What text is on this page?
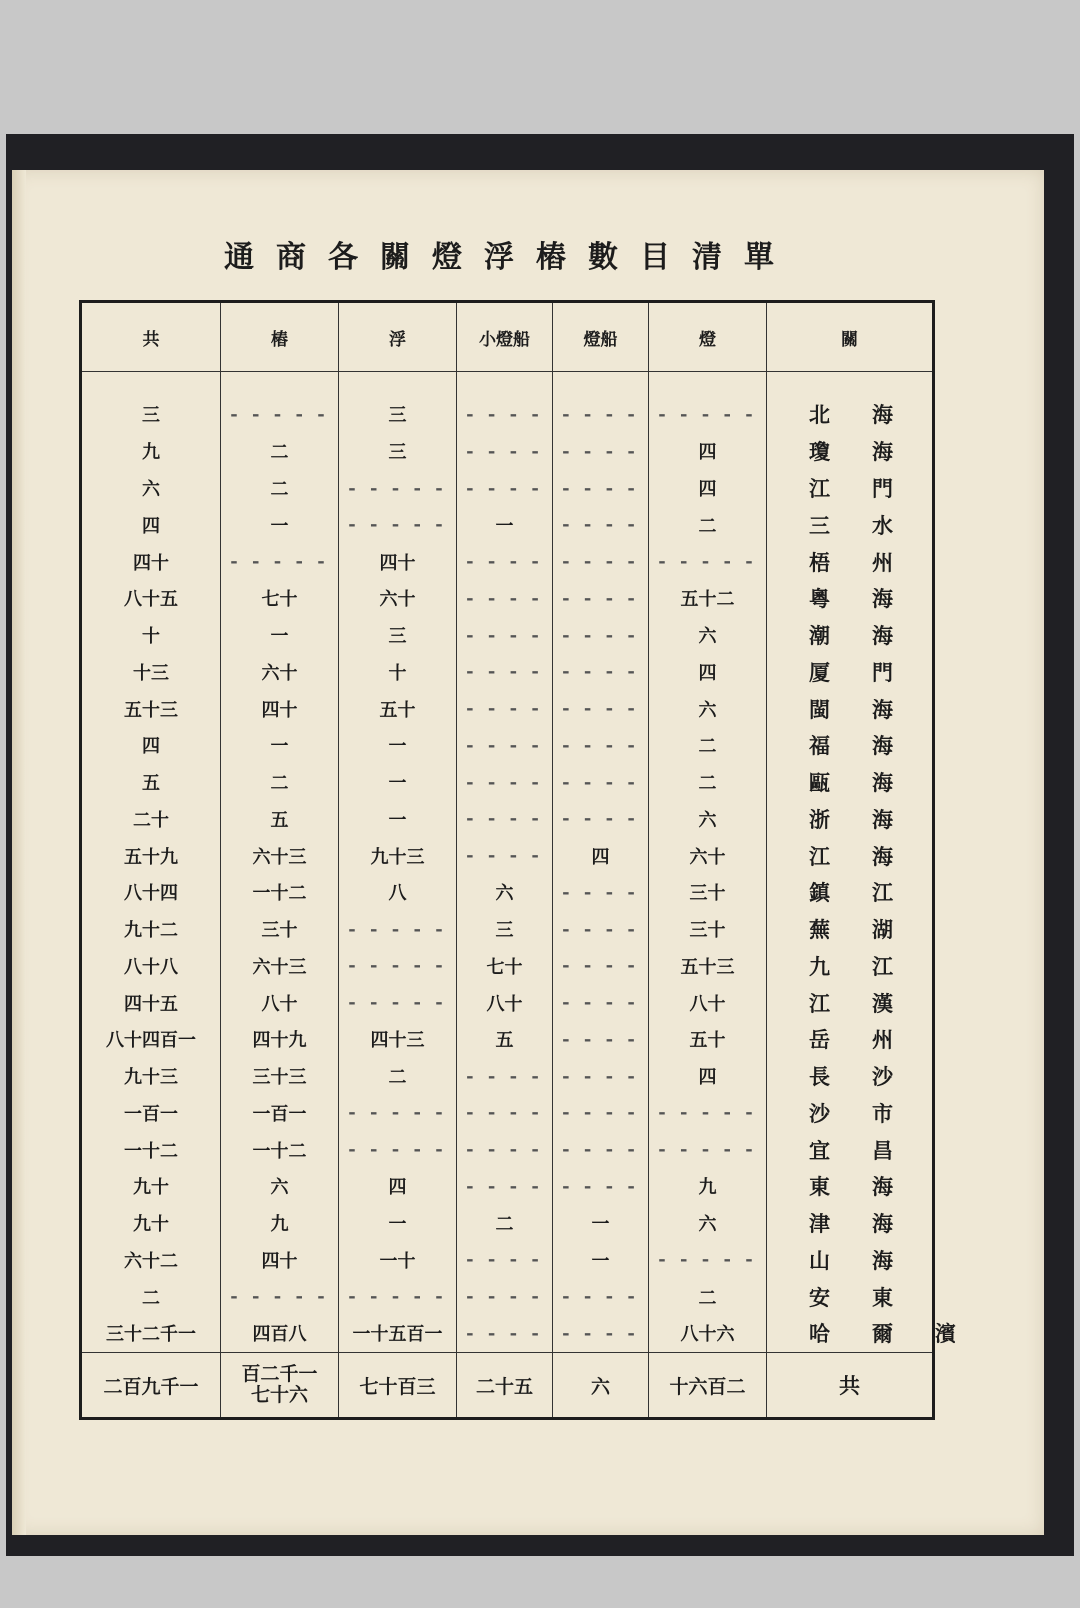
通商各關燈浮樁數目清單
共	樁	浮	小燈船	燈船	燈	關
三	- - - - -	三	- - - -	- - - -	- - - - -	北海
九	二	三	- - - -	- - - -	四	瓊海
六	二	- - - - -	- - - -	- - - -	四	江門
四	一	- - - - -	一	- - - -	二	三水
四十	- - - - -	四十	- - - -	- - - -	- - - - -	梧州
八十五	七十	六十	- - - -	- - - -	五十二	粵海
十	一	三	- - - -	- - - -	六	潮海
十三	六十	十	- - - -	- - - -	四	厦門
五十三	四十	五十	- - - -	- - - -	六	閩海
四	一	一	- - - -	- - - -	二	福海
五	二	一	- - - -	- - - -	二	甌海
二十	五	一	- - - -	- - - -	六	浙海
五十九	六十三	九十三	- - - -	四	六十	江海
八十四	一十二	八	六	- - - -	三十	鎮江
九十二	三十	- - - - -	三	- - - -	三十	蕪湖
八十八	六十三	- - - - -	七十	- - - -	五十三	九江
四十五	八十	- - - - -	八十	- - - -	八十	江漢
八十四百一	四十九	四十三	五	- - - -	五十	岳州
九十三	三十三	二	- - - -	- - - -	四	長沙
一百一	一百一	- - - - -	- - - -	- - - -	- - - - -	沙市
一十二	一十二	- - - - -	- - - -	- - - -	- - - - -	宜昌
九十	六	四	- - - -	- - - -	九	東海
九十	九	一	二	一	六	津海
六十二	四十	一十	- - - -	一	- - - - -	山海
二	- - - - -	- - - - -	- - - -	- - - -	二	安東
三十二千一	四百八	一十五百一	- - - -	- - - -	八十六	哈爾濱
二百九千一	百二千一七十六	七十百三	二十五	六	十六百二	共
